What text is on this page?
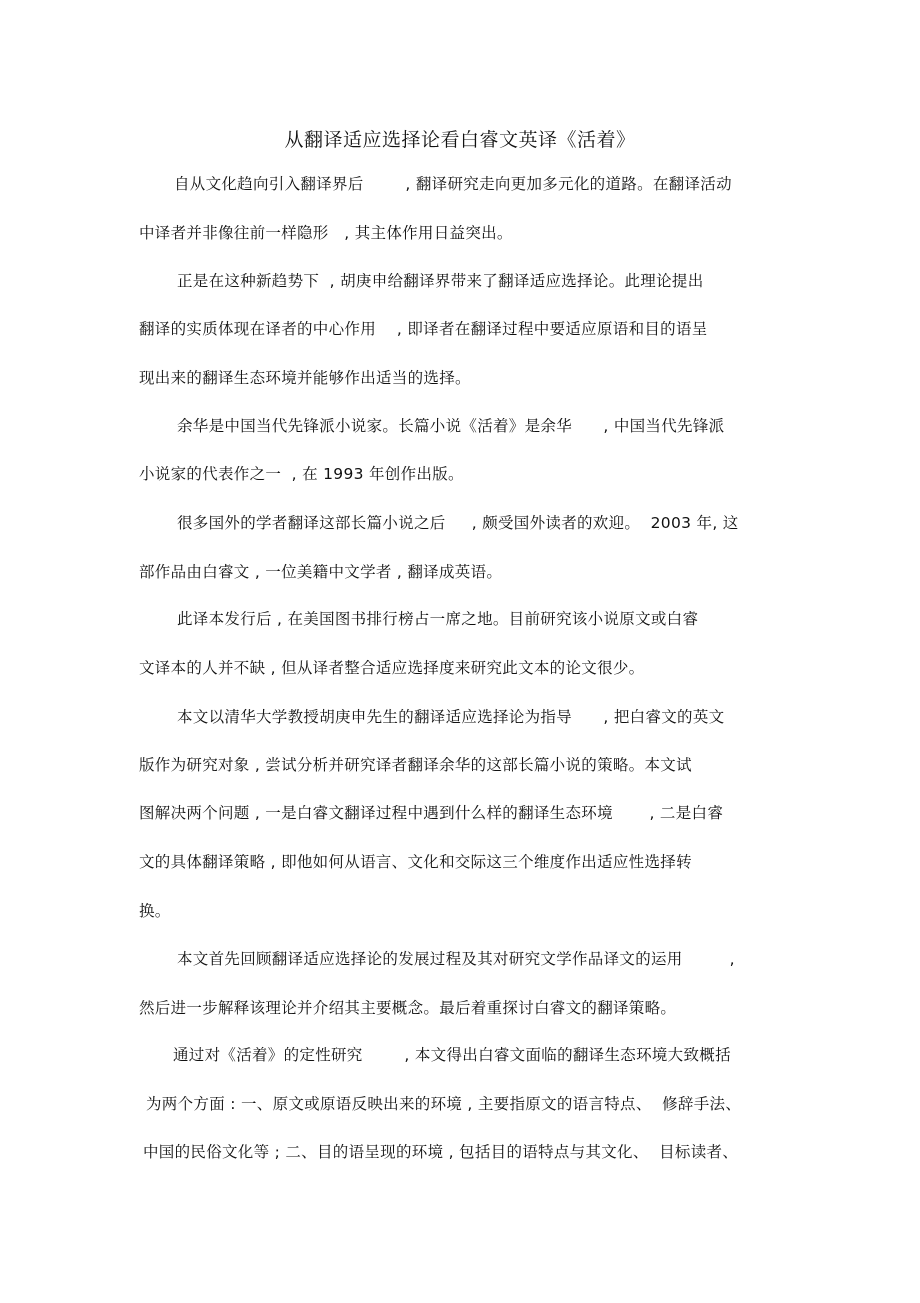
从翻译适应选择论看白睿文英译《活着》
自从文化趋向引入翻译界后        , 翻译研究走向更加多元化的道路。在翻译活动
中译者并非像往前一样隐形   , 其主体作用日益突出。
正是在这种新趋势下  , 胡庚申给翻译界带来了翻译适应选择论。此理论提出
翻译的实质体现在译者的中心作用    , 即译者在翻译过程中要适应原语和目的语呈
现出来的翻译生态环境并能够作出适当的选择。
余华是中国当代先锋派小说家。长篇小说《活着》是余华      , 中国当代先锋派
小说家的代表作之一  , 在 1993 年创作出版。
很多国外的学者翻译这部长篇小说之后     , 颇受国外读者的欢迎。  2003 年, 这
部作品由白睿文 , 一位美籍中文学者 , 翻译成英语。
此译本发行后 , 在美国图书排行榜占一席之地。目前研究该小说原文或白睿
文译本的人并不缺 , 但从译者整合适应选择度来研究此文本的论文很少。
本文以清华大学教授胡庚申先生的翻译适应选择论为指导      , 把白睿文的英文
版作为研究对象 , 尝试分析并研究译者翻译余华的这部长篇小说的策略。本文试
图解决两个问题 , 一是白睿文翻译过程中遇到什么样的翻译生态环境       , 二是白睿
文的具体翻译策略 , 即他如何从语言、文化和交际这三个维度作出适应性选择转
换。
本文首先回顾翻译适应选择论的发展过程及其对研究文学作品译文的运用         ,
然后进一步解释该理论并介绍其主要概念。最后着重探讨白睿文的翻译策略。
通过对《活着》的定性研究        , 本文得出白睿文面临的翻译生态环境大致概括
为两个方面 : 一、原文或原语反映出来的环境 , 主要指原文的语言特点、  修辞手法、
中国的民俗文化等 ; 二、目的语呈现的环境 , 包括目的语特点与其文化、  目标读者、
